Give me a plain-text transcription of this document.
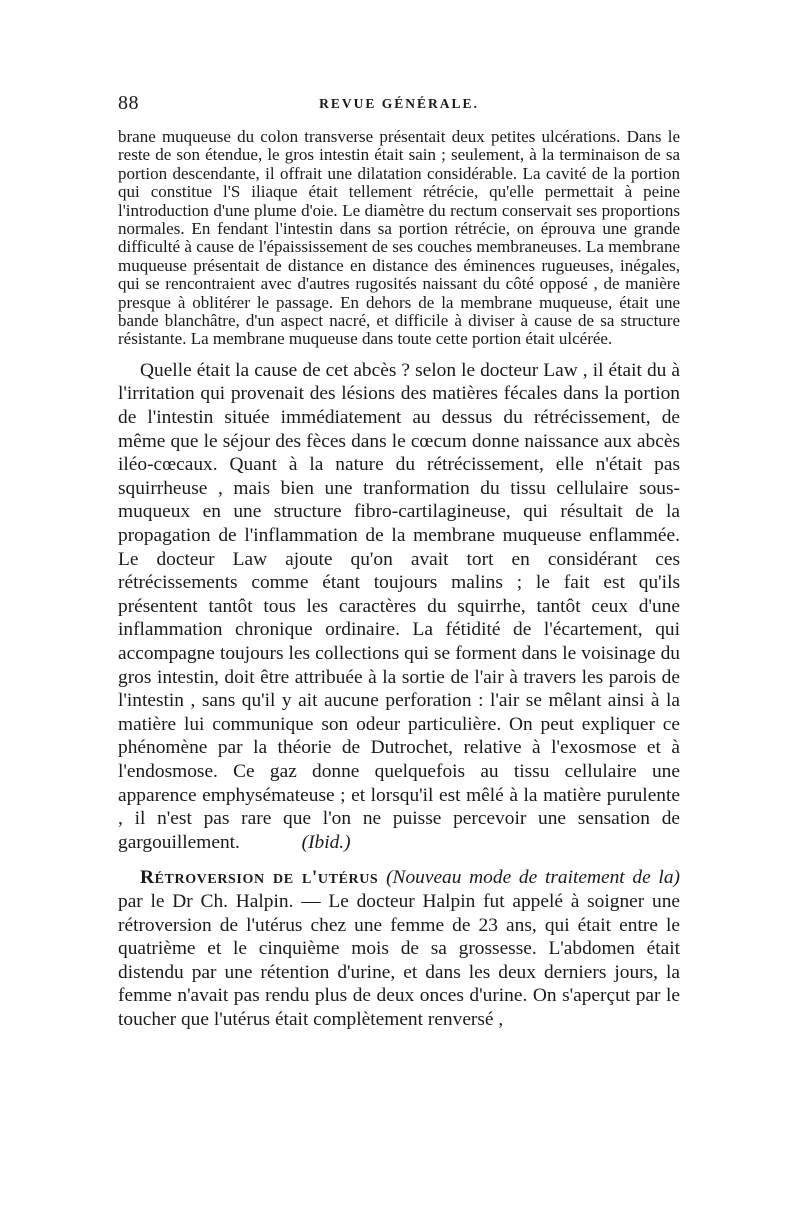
88	REVUE GÉNÉRALE.

brane muqueuse du colon transverse présentait deux petites ulcérations. Dans le reste de son étendue, le gros intestin était sain ; seulement, à la terminaison de sa portion descendante, il offrait une dilatation considérable. La cavité de la portion qui constitue l'S iliaque était tellement rétrécie, qu'elle permettait à peine l'introduction d'une plume d'oie. Le diamètre du rectum conservait ses proportions normales. En fendant l'intestin dans sa portion rétrécie, on éprouva une grande difficulté à cause de l'épaississement de ses couches membraneuses. La membrane muqueuse présentait de distance en distance des éminences rugueuses, inégales, qui se rencontraient avec d'autres rugosités naissant du côté opposé , de manière presque à oblitérer le passage. En dehors de la membrane muqueuse, était une bande blanchâtre, d'un aspect nacré, et difficile à diviser à cause de sa structure résistante. La membrane muqueuse dans toute cette portion était ulcérée.

Quelle était la cause de cet abcès ? selon le docteur Law , il était du à l'irritation qui provenait des lésions des matières fécales dans la portion de l'intestin située immédiatement au dessus du rétrécissement, de même que le séjour des fèces dans le cœcum donne naissance aux abcès iléo-cœcaux. Quant à la nature du rétrécissement, elle n'était pas squirrheuse , mais bien une tranformation du tissu cellulaire sous-muqueux en une structure fibro-cartilagineuse, qui résultait de la propagation de l'inflammation de la membrane muqueuse enflammée. Le docteur Law ajoute qu'on avait tort en considérant ces rétrécissements comme étant toujours malins ; le fait est qu'ils présentent tantôt tous les caractères du squirrhe, tantôt ceux d'une inflammation chronique ordinaire. La fétidité de l'écartement, qui accompagne toujours les collections qui se forment dans le voisinage du gros intestin, doit être attribuée à la sortie de l'air à travers les parois de l'intestin , sans qu'il y ait aucune perforation : l'air se mêlant ainsi à la matière lui communique son odeur particulière. On peut expliquer ce phénomène par la théorie de Dutrochet, relative à l'exosmose et à l'endosmose. Ce gaz donne quelquefois au tissu cellulaire une apparence emphysémateuse ; et lorsqu'il est mêlé à la matière purulente , il n'est pas rare que l'on ne puisse percevoir une sensation de gargouillement.	(Ibid.)

Rétroversion de l'utérus (Nouveau mode de traitement de la) par le Dr Ch. Halpin. — Le docteur Halpin fut appelé à soigner une rétroversion de l'utérus chez une femme de 23 ans, qui était entre le quatrième et le cinquième mois de sa grossesse. L'abdomen était distendu par une rétention d'urine, et dans les deux derniers jours, la femme n'avait pas rendu plus de deux onces d'urine. On s'aperçut par le toucher que l'utérus était complètement renversé ,
